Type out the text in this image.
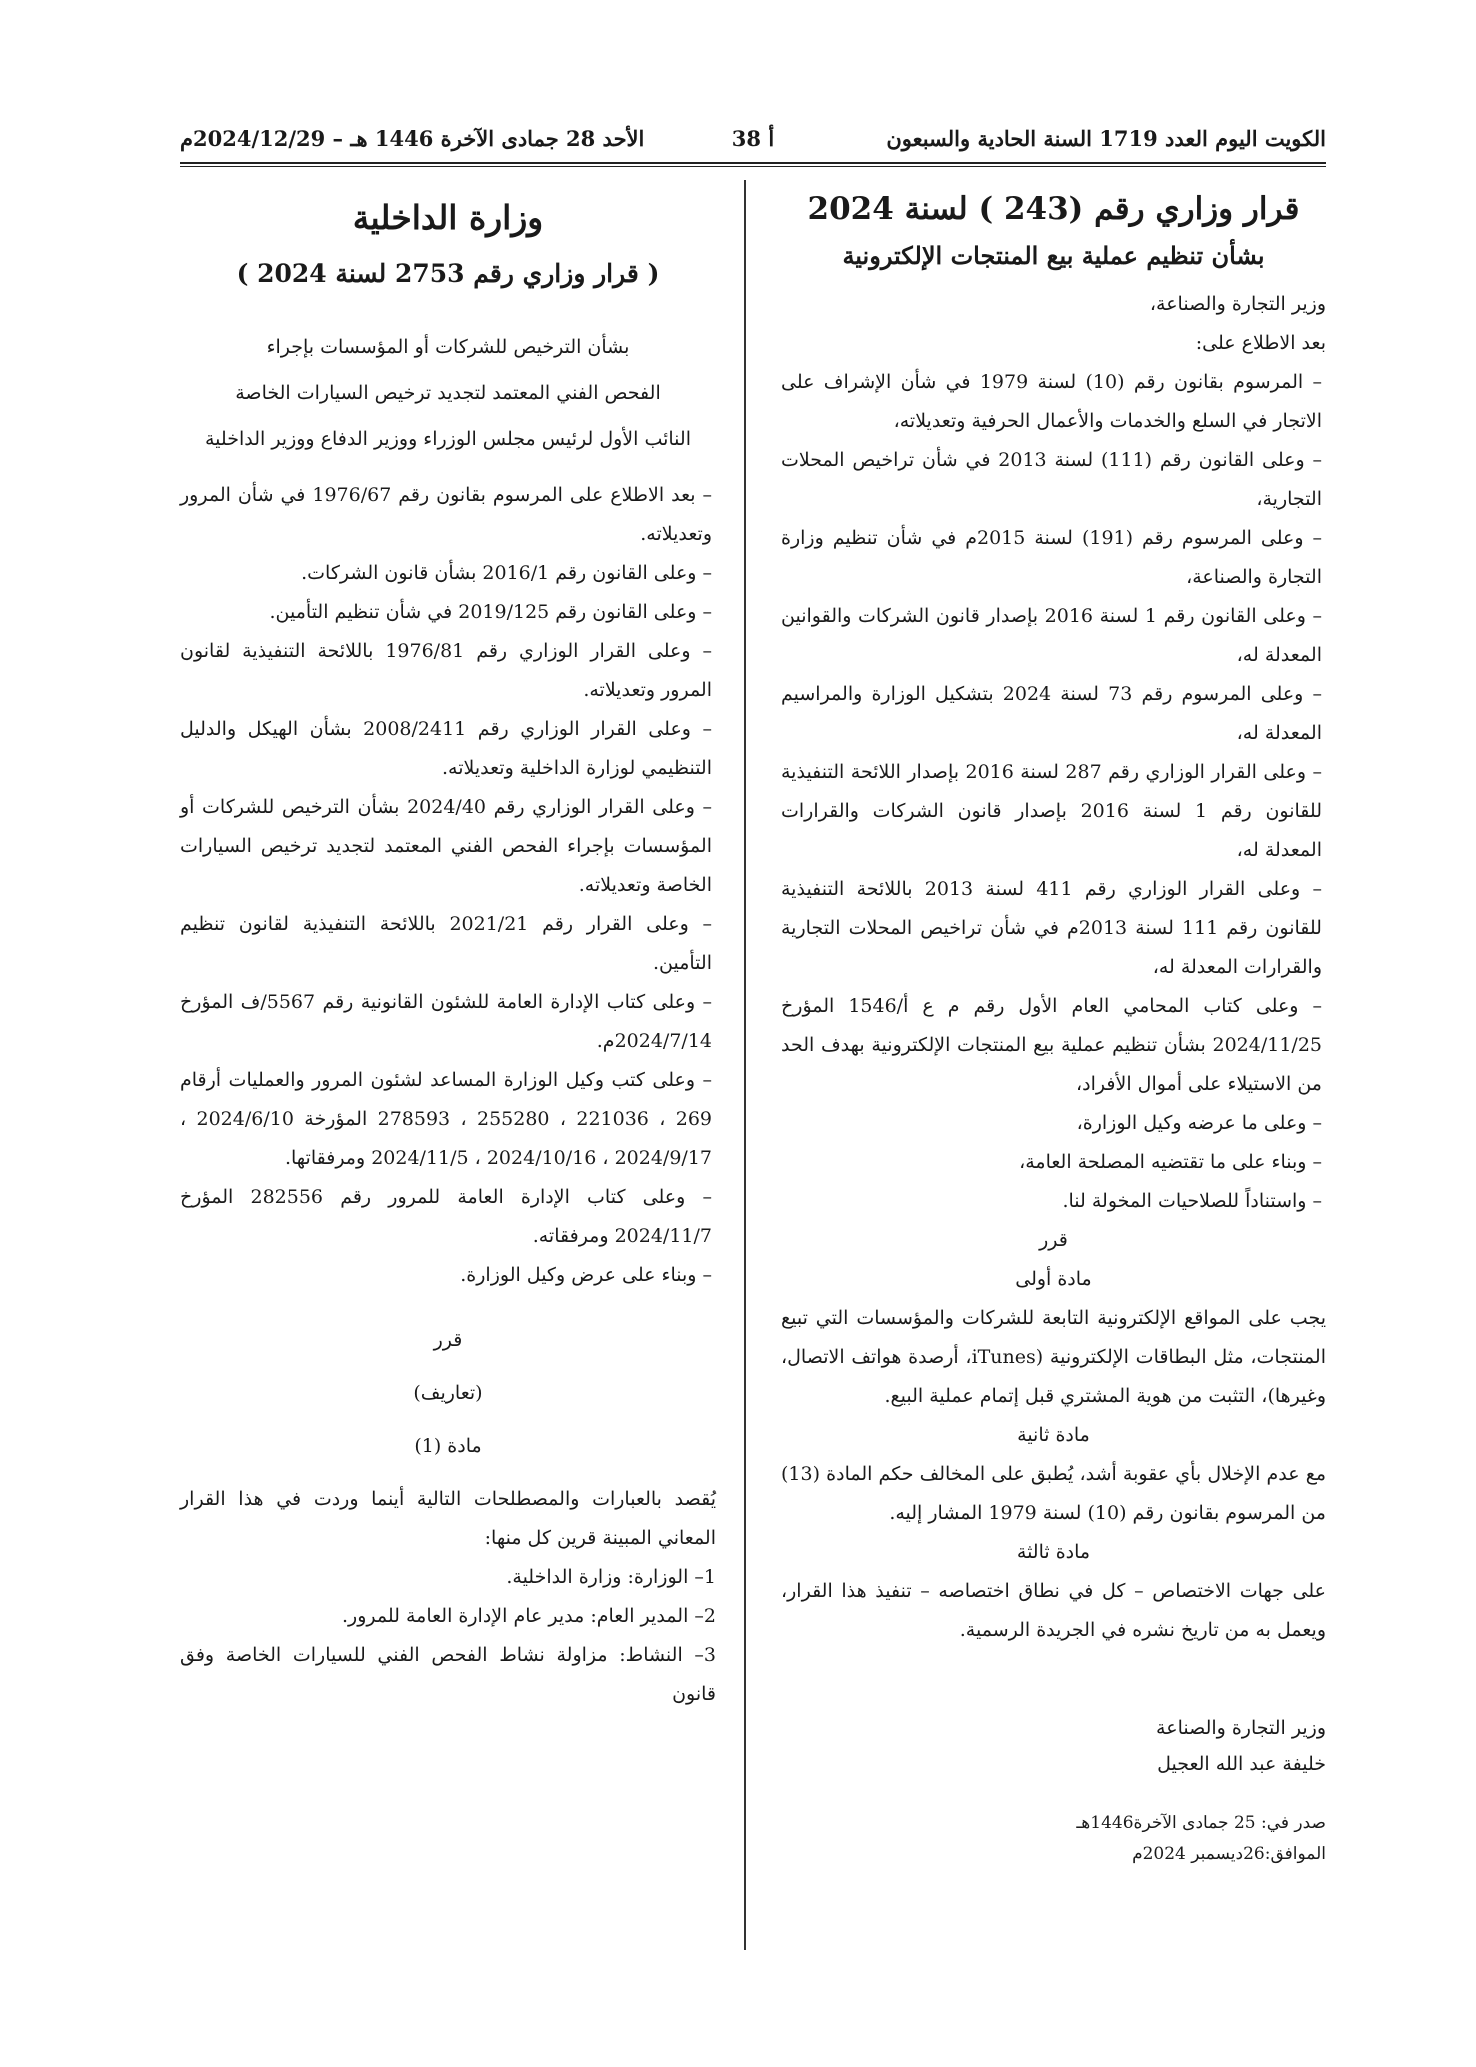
الكويت اليوم العدد 1719 السنة الحادية والسبعون
أ 38
الأحد 28 جمادى الآخرة 1446 هـ – 2024/12/29م

قرار وزاري رقم (243 ) لسنة 2024

بشأن تنظيم عملية بيع المنتجات الإلكترونية

وزير التجارة والصناعة،

بعد الاطلاع على:

– المرسوم بقانون رقم (10) لسنة 1979 في شأن الإشراف على الاتجار في السلع والخدمات والأعمال الحرفية وتعديلاته،

– وعلى القانون رقم (111) لسنة 2013 في شأن تراخيص المحلات التجارية،

– وعلى المرسوم رقم (191) لسنة 2015م في شأن تنظيم وزارة التجارة والصناعة،

– وعلى القانون رقم 1 لسنة 2016 بإصدار قانون الشركات والقوانين المعدلة له،

– وعلى المرسوم رقم 73 لسنة 2024 بتشكيل الوزارة والمراسيم المعدلة له،

– وعلى القرار الوزاري رقم 287 لسنة 2016 بإصدار اللائحة التنفيذية للقانون رقم 1 لسنة 2016 بإصدار قانون الشركات والقرارات المعدلة له،

– وعلى القرار الوزاري رقم 411 لسنة 2013 باللائحة التنفيذية للقانون رقم 111 لسنة 2013م في شأن تراخيص المحلات التجارية والقرارات المعدلة له،

– وعلى كتاب المحامي العام الأول رقم م ع أ/1546 المؤرخ 2024/11/25 بشأن تنظيم عملية بيع المنتجات الإلكترونية بهدف الحد من الاستيلاء على أموال الأفراد،

– وعلى ما عرضه وكيل الوزارة،

– وبناء على ما تقتضيه المصلحة العامة،

– واستناداً للصلاحيات المخولة لنا.

قرر

مادة أولى

يجب على المواقع الإلكترونية التابعة للشركات والمؤسسات التي تبيع المنتجات، مثل البطاقات الإلكترونية (iTunes، أرصدة هواتف الاتصال، وغيرها)، التثبت من هوية المشتري قبل إتمام عملية البيع.

مادة ثانية

مع عدم الإخلال بأي عقوبة أشد، يُطبق على المخالف حكم المادة (13) من المرسوم بقانون رقم (10) لسنة 1979 المشار إليه.

مادة ثالثة

على جهات الاختصاص – كل في نطاق اختصاصه – تنفيذ هذا القرار، ويعمل به من تاريخ نشره في الجريدة الرسمية.

وزير التجارة والصناعة

خليفة عبد الله العجيل

صدر في: 25 جمادى الآخرة1446هـ

الموافق:26ديسمبر 2024م

وزارة الداخلية

( قرار وزاري رقم 2753 لسنة 2024 )

بشأن الترخيص للشركات أو المؤسسات بإجراء

الفحص الفني المعتمد لتجديد ترخيص السيارات الخاصة

النائب الأول لرئيس مجلس الوزراء ووزير الدفاع ووزير الداخلية

– بعد الاطلاع على المرسوم بقانون رقم 1976/67 في شأن المرور وتعديلاته.

– وعلى القانون رقم 2016/1 بشأن قانون الشركات.

– وعلى القانون رقم 2019/125 في شأن تنظيم التأمين.

– وعلى القرار الوزاري رقم 1976/81 باللائحة التنفيذية لقانون المرور وتعديلاته.

– وعلى القرار الوزاري رقم 2008/2411 بشأن الهيكل والدليل التنظيمي لوزارة الداخلية وتعديلاته.

– وعلى القرار الوزاري رقم 2024/40 بشأن الترخيص للشركات أو المؤسسات بإجراء الفحص الفني المعتمد لتجديد ترخيص السيارات الخاصة وتعديلاته.

– وعلى القرار رقم 2021/21 باللائحة التنفيذية لقانون تنظيم التأمين.

– وعلى كتاب الإدارة العامة للشئون القانونية رقم 5567/ف المؤرخ 2024/7/14م.

– وعلى كتب وكيل الوزارة المساعد لشئون المرور والعمليات أرقام 269 ، 221036 ، 255280 ، 278593 المؤرخة 2024/6/10 ، 2024/9/17 ، 2024/10/16 ، 2024/11/5 ومرفقاتها.

– وعلى كتاب الإدارة العامة للمرور رقم 282556 المؤرخ 2024/11/7 ومرفقاته.

– وبناء على عرض وكيل الوزارة.

قرر

(تعاريف)

مادة (1)

يُقصد بالعبارات والمصطلحات التالية أينما وردت في هذا القرار المعاني المبينة قرين كل منها:

1– الوزارة: وزارة الداخلية.

2– المدير العام: مدير عام الإدارة العامة للمرور.

3– النشاط: مزاولة نشاط الفحص الفني للسيارات الخاصة وفق قانون
